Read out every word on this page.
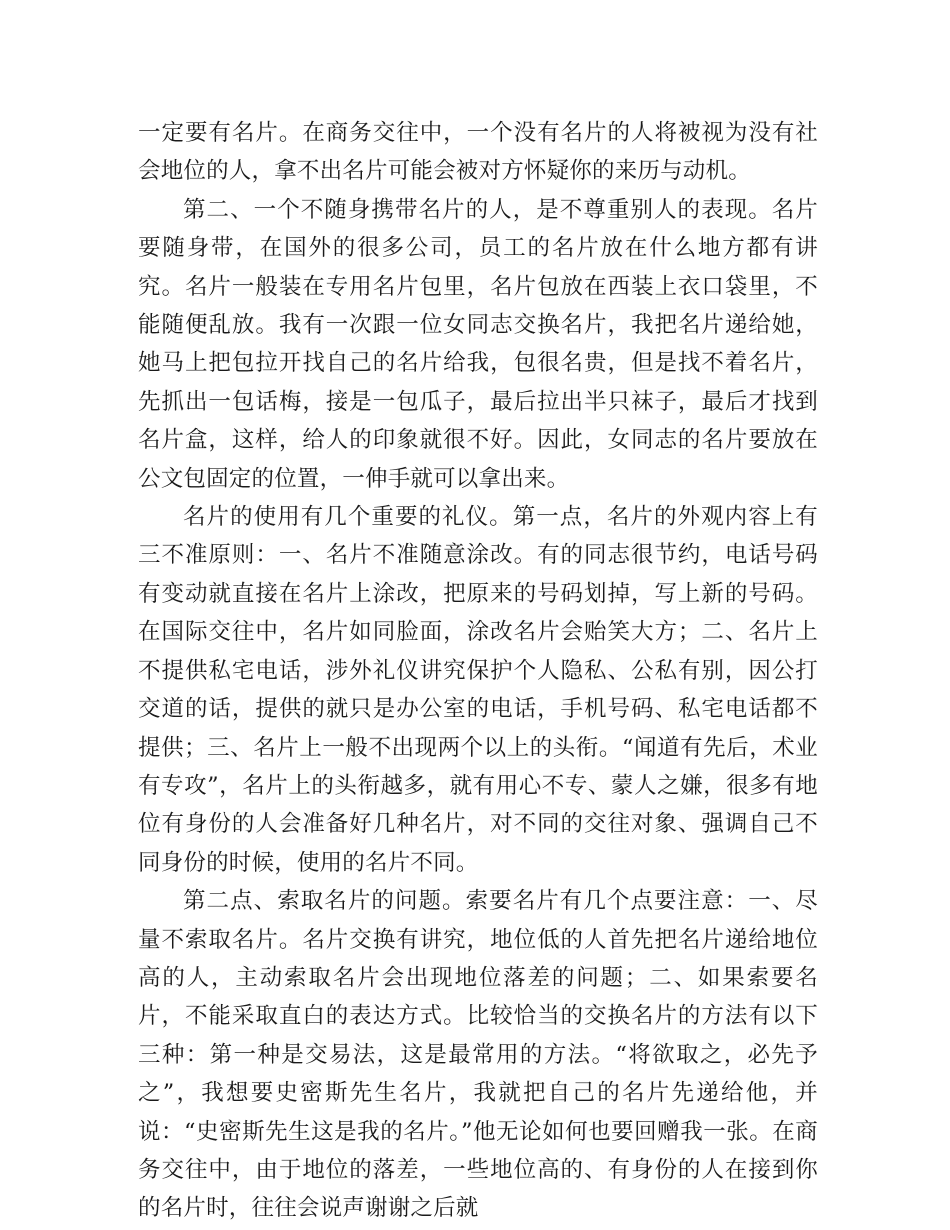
一定要有名片。在商务交往中，一个没有名片的人将被视为没有社会地位的人，拿不出名片可能会被对方怀疑你的来历与动机。

第二、一个不随身携带名片的人，是不尊重别人的表现。名片要随身带，在国外的很多公司，员工的名片放在什么地方都有讲究。名片一般装在专用名片包里，名片包放在西装上衣口袋里，不能随便乱放。我有一次跟一位女同志交换名片，我把名片递给她，她马上把包拉开找自己的名片给我，包很名贵，但是找不着名片，先抓出一包话梅，接是一包瓜子，最后拉出半只袜子，最后才找到名片盒，这样，给人的印象就很不好。因此，女同志的名片要放在公文包固定的位置，一伸手就可以拿出来。

名片的使用有几个重要的礼仪。第一点，名片的外观内容上有三不准原则：一、名片不准随意涂改。有的同志很节约，电话号码有变动就直接在名片上涂改，把原来的号码划掉，写上新的号码。在国际交往中，名片如同脸面，涂改名片会贻笑大方；二、名片上不提供私宅电话，涉外礼仪讲究保护个人隐私、公私有别，因公打交道的话，提供的就只是办公室的电话，手机号码、私宅电话都不提供；三、名片上一般不出现两个以上的头衔。“闻道有先后，术业有专攻”，名片上的头衔越多，就有用心不专、蒙人之嫌，很多有地位有身份的人会准备好几种名片，对不同的交往对象、强调自己不同身份的时候，使用的名片不同。

第二点、索取名片的问题。索要名片有几个点要注意：一、尽量不索取名片。名片交换有讲究，地位低的人首先把名片递给地位高的人，主动索取名片会出现地位落差的问题；二、如果索要名片，不能采取直白的表达方式。比较恰当的交换名片的方法有以下三种：第一种是交易法，这是最常用的方法。“将欲取之，必先予之”，我想要史密斯先生名片，我就把自己的名片先递给他，并说：“史密斯先生这是我的名片。”他无论如何也要回赠我一张。在商务交往中，由于地位的落差，一些地位高的、有身份的人在接到你的名片时，往往会说声谢谢之后就
